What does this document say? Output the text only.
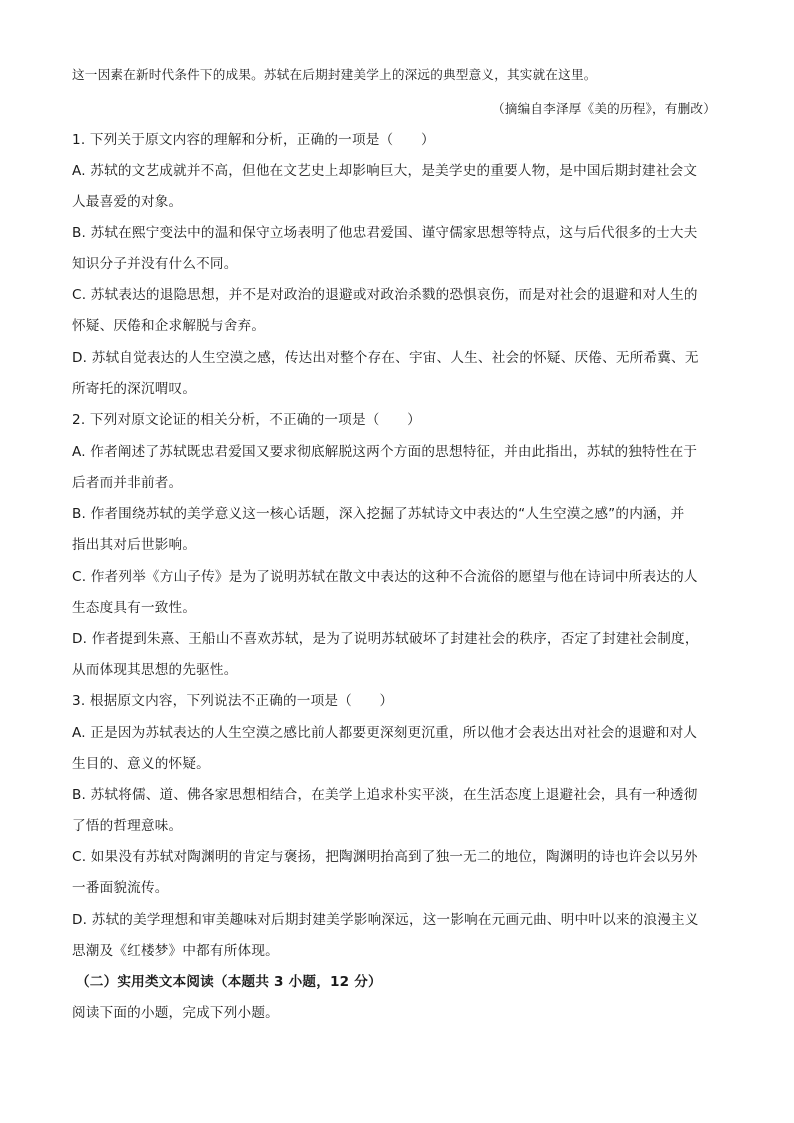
这一因素在新时代条件下的成果。苏轼在后期封建美学上的深远的典型意义，其实就在这里。
（摘编自李泽厚《美的历程》，有删改）
1. 下列关于原文内容的理解和分析，正确的一项是（　　）
A. 苏轼的文艺成就并不高，但他在文艺史上却影响巨大，是美学史的重要人物，是中国后期封建社会文
人最喜爱的对象。
B. 苏轼在熙宁变法中的温和保守立场表明了他忠君爱国、谨守儒家思想等特点，这与后代很多的士大夫
知识分子并没有什么不同。
C. 苏轼表达的退隐思想，并不是对政治的退避或对政治杀戮的恐惧哀伤，而是对社会的退避和对人生的
怀疑、厌倦和企求解脱与舍弃。
D. 苏轼自觉表达的人生空漠之感，传达出对整个存在、宇宙、人生、社会的怀疑、厌倦、无所希冀、无
所寄托的深沉喟叹。
2. 下列对原文论证的相关分析，不正确的一项是（　　）
A. 作者阐述了苏轼既忠君爱国又要求彻底解脱这两个方面的思想特征，并由此指出，苏轼的独特性在于
后者而并非前者。
B. 作者围绕苏轼的美学意义这一核心话题，深入挖掘了苏轼诗文中表达的“人生空漠之感”的内涵，并
指出其对后世影响。
C. 作者列举《方山子传》是为了说明苏轼在散文中表达的这种不合流俗的愿望与他在诗词中所表达的人
生态度具有一致性。
D. 作者提到朱熹、王船山不喜欢苏轼，是为了说明苏轼破坏了封建社会的秩序，否定了封建社会制度，
从而体现其思想的先驱性。
3. 根据原文内容，下列说法不正确的一项是（　　）
A. 正是因为苏轼表达的人生空漠之感比前人都要更深刻更沉重，所以他才会表达出对社会的退避和对人
生目的、意义的怀疑。
B. 苏轼将儒、道、佛各家思想相结合，在美学上追求朴实平淡，在生活态度上退避社会，具有一种透彻
了悟的哲理意味。
C. 如果没有苏轼对陶渊明的肯定与褒扬，把陶渊明抬高到了独一无二的地位，陶渊明的诗也许会以另外
一番面貌流传。
D. 苏轼的美学理想和审美趣味对后期封建美学影响深远，这一影响在元画元曲、明中叶以来的浪漫主义
思潮及《红楼梦》中都有所体现。
（二）实用类文本阅读（本题共 3 小题，12 分）
阅读下面的小题，完成下列小题。
